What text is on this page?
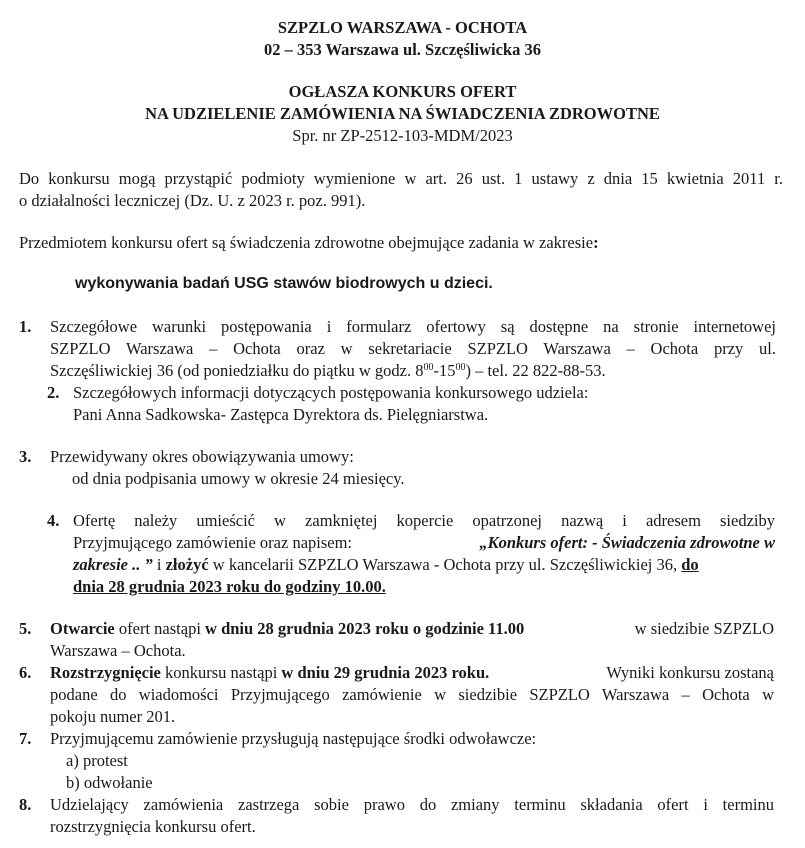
SZPZLO WARSZAWA - OCHOTA
02 – 353 Warszawa ul. Szczęśliwicka 36
OGŁASZA KONKURS OFERT
NA UDZIELENIE ZAMÓWIENIA NA ŚWIADCZENIA ZDROWOTNE
Spr. nr ZP-2512-103-MDM/2023
Do konkursu mogą przystąpić podmioty wymienione w art. 26 ust. 1 ustawy z dnia 15 kwietnia 2011 r.
o działalności leczniczej (Dz. U. z 2023 r. poz. 991).
Przedmiotem konkursu ofert są świadczenia zdrowotne obejmujące zadania w zakresie:
wykonywania badań USG stawów biodrowych u dzieci.
1. Szczegółowe warunki postępowania i formularz ofertowy są dostępne na stronie internetowej
SZPZLO Warszawa – Ochota oraz w sekretariacie SZPZLO Warszawa – Ochota przy ul.
Szczęśliwickiej 36 (od poniedziałku do piątku w godz. $8^{00}-15^{00}$) – tel. 22 822-88-53.
2. Szczegółowych informacji dotyczących postępowania konkursowego udziela:
Pani Anna Sadkowska- Zastępca Dyrektora ds. Pielęgniarstwa.
3. Przewidywany okres obowiązywania umowy:
od dnia podpisania umowy w okresie 24 miesięcy.
4. Ofertę należy umieścić w zamkniętej kopercie opatrzonej nazwą i adresem siedziby
Przyjmującego zamówienie oraz napisem:	„Konkurs ofert: - Świadczenia zdrowotne w
zakresie .. ” i złożyć w kancelarii SZPZLO Warszawa - Ochota przy ul. Szczęśliwickiej 36, do
dnia 28 grudnia 2023 roku do godziny 10.00.
5. Otwarcie ofert nastąpi w dniu 28 grudnia 2023 roku o godzinie 11.00	w siedzibie SZPZLO
Warszawa – Ochota.
6. Rozstrzygnięcie konkursu nastąpi w dniu 29 grudnia 2023 roku.	Wyniki konkursu zostaną
podane do wiadomości Przyjmującego zamówienie w siedzibie SZPZLO Warszawa – Ochota w
pokoju numer 201.
7. Przyjmującemu zamówienie przysługują następujące środki odwoławcze:
a) protest
b) odwołanie
8. Udzielający zamówienia zastrzega sobie prawo do zmiany terminu składania ofert i terminu
rozstrzygnięcia konkursu ofert.
